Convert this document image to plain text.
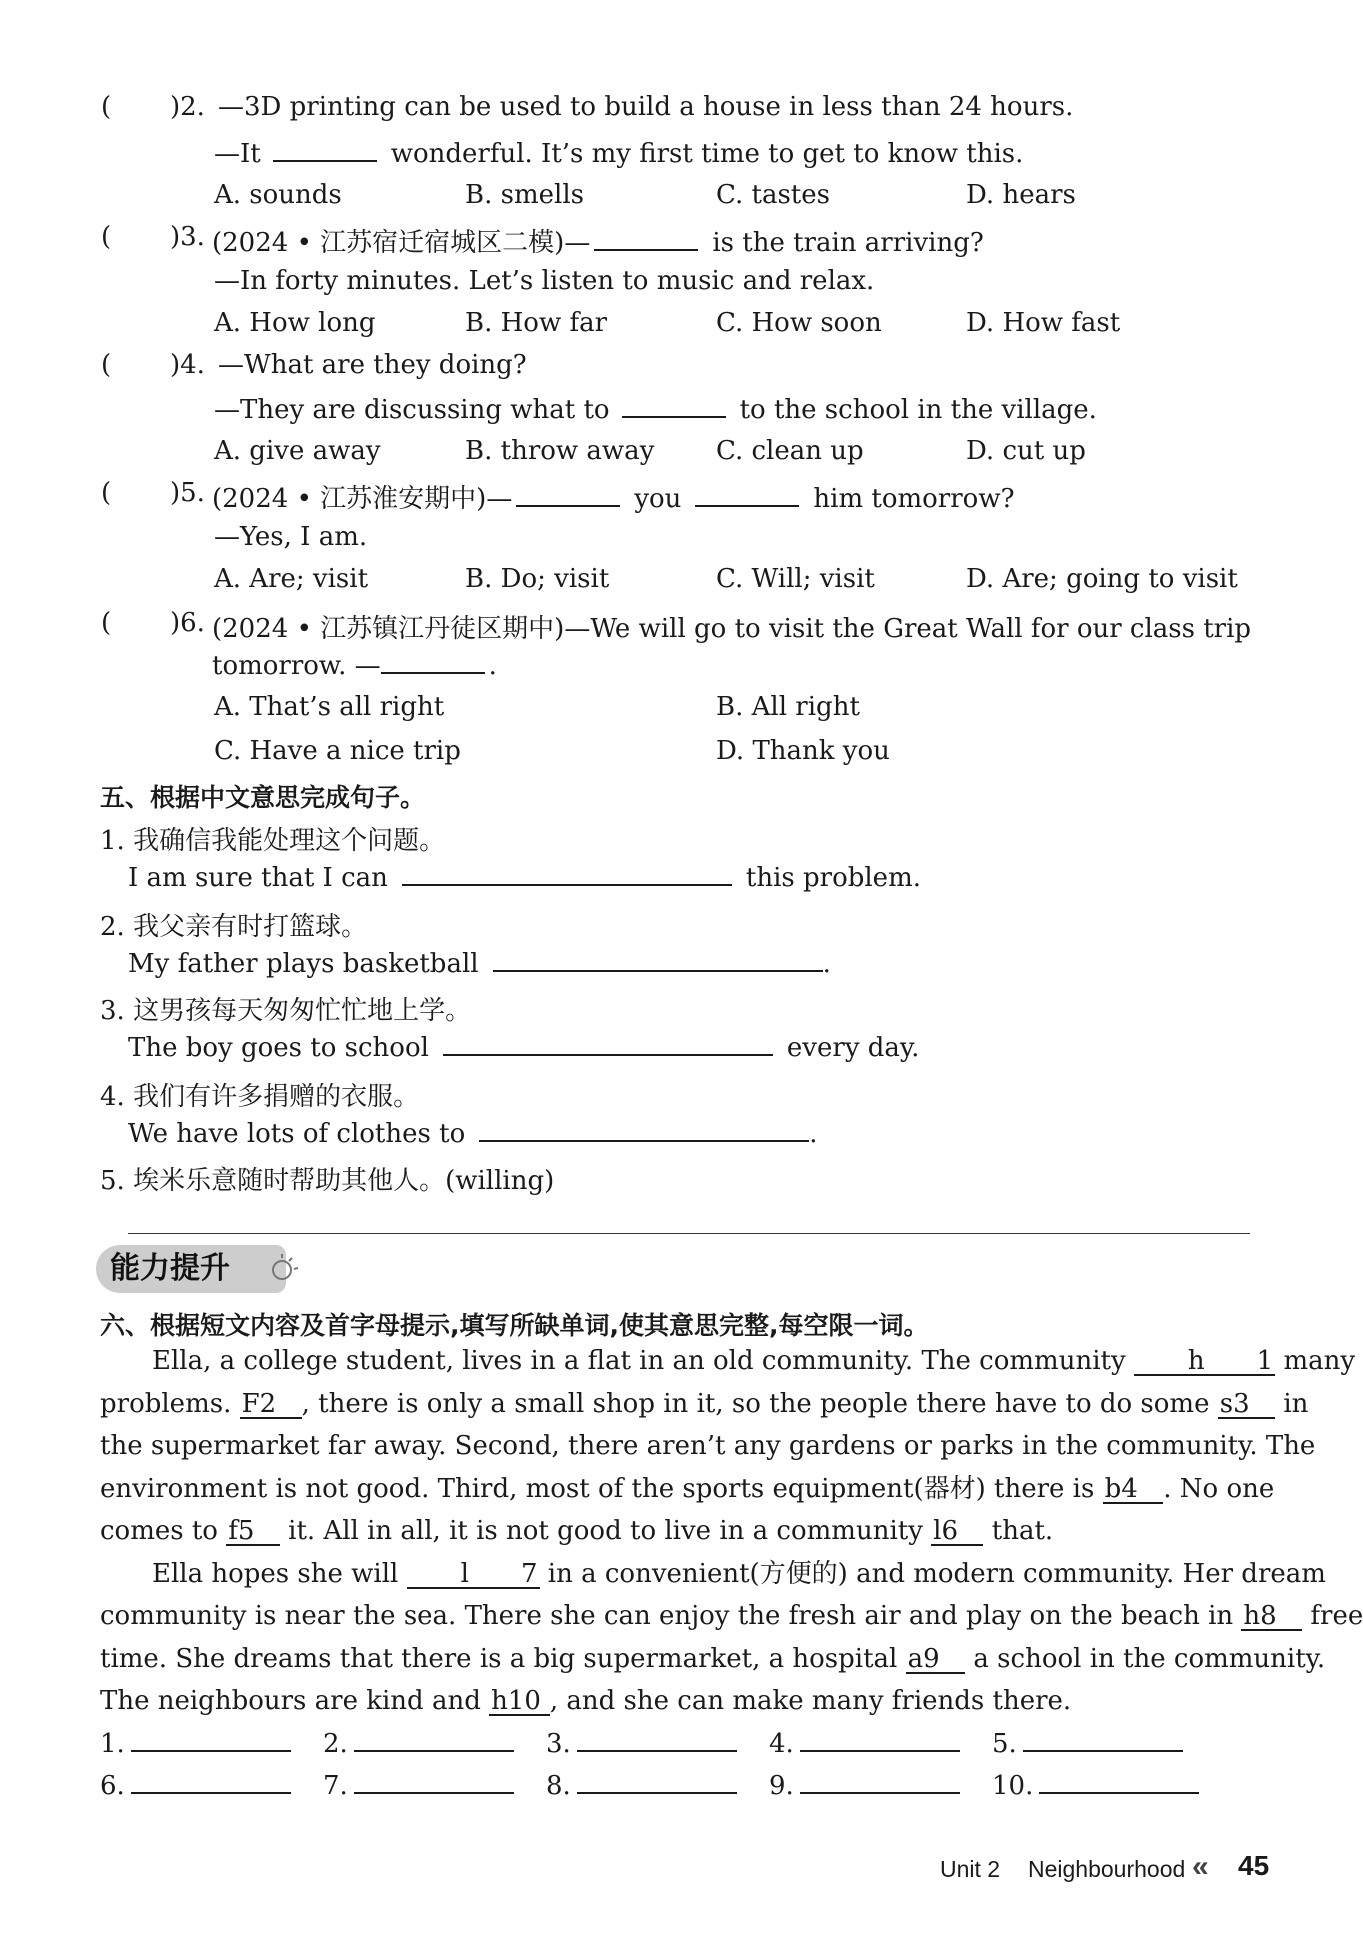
( )2. —3D printing can be used to build a house in less than 24 hours.
—It	wonderful. It’s my first time to get to know this.
A. sounds	B. smells	C. tastes	D. hears
( )3. (2024 • 江苏宿迁宿城区二模)—	is the train arriving?
—In forty minutes. Let’s listen to music and relax.
A. How long	B. How far	C. How soon	D. How fast
( )4. —What are they doing?
—They are discussing what to	to the school in the village.
A. give away	B. throw away C. clean up	D. cut up
( )5. (2024 • 江苏淮安期中)—	you	him tomorrow?
—Yes, I am.
A. Are; visit	B. Do; visit	C. Will; visit	D. Are; going to visit
( )6. (2024 • 江苏镇江丹徒区期中)—We will go to visit the Great Wall for our class trip
tomorrow. —	.
A. That’s all right	B. All right
C. Have a nice trip	D. Thank you
五、根据中文意思完成句子。
1. 我确信我能处理这个问题。
I am sure that I can	this problem.
2. 我父亲有时打篮球。
My father plays basketball	.
3. 这男孩每天匆匆忙忙地上学。
The boy goes to school	every day.
4. 我们有许多捐赠的衣服。
We have lots of clothes to	.
5. 埃米乐意随时帮助其他人。(willing)
能力提升
六、根据短文内容及首字母提示,填写所缺单词,使其意思完整,每空限一词。
Ella, a college student, lives in a flat in an old community. The community h 1 many
problems. F2 , there is only a small shop in it, so the people there have to do some s3 in
the supermarket far away. Second, there aren’t any gardens or parks in the community. The
environment is not good. Third, most of the sports equipment(器材) there is b4 . No one
comes to f5 it. All in all, it is not good to live in a community l6 that.
Ella hopes she will l 7 in a convenient(方便的) and modern community. Her dream
community is near the sea. There she can enjoy the fresh air and play on the beach in h8 free
time. She dreams that there is a big supermarket, a hospital a9 a school in the community.
The neighbours are kind and h10 , and she can make many friends there.
1.	2.	3.	4.	5.
6.	7.	8.	9.	10.
Unit 2 Neighbourhood « 45
